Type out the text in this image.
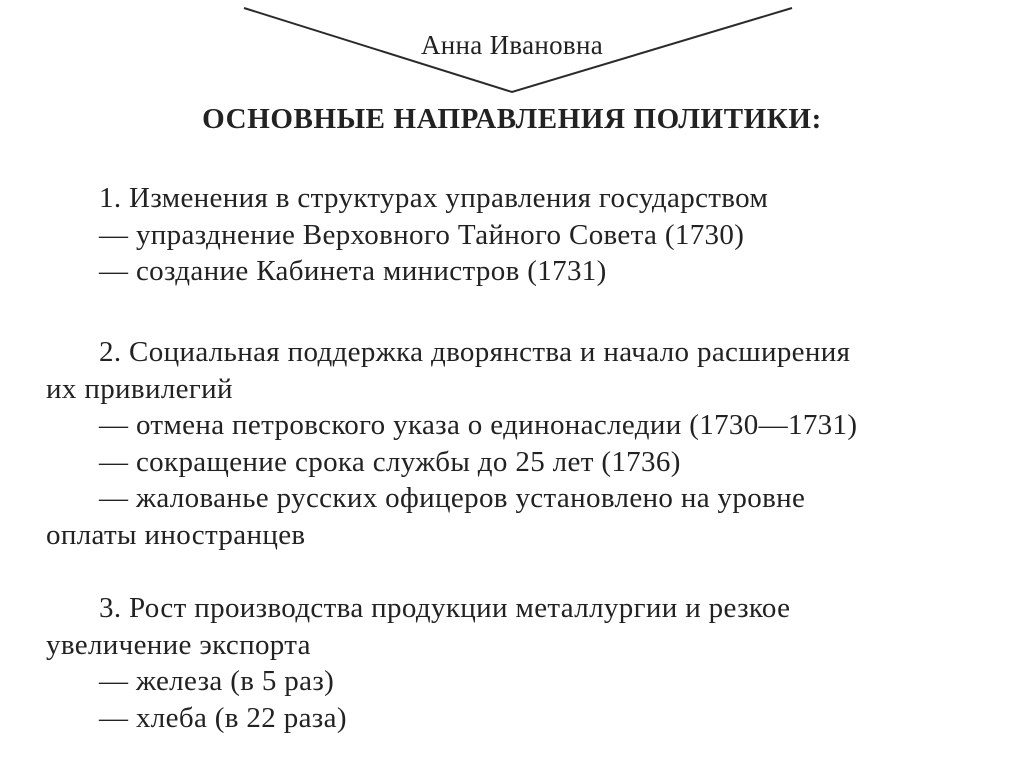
Анна Ивановна
ОСНОВНЫЕ НАПРАВЛЕНИЯ ПОЛИТИКИ:
1. Изменения в структурах управления государством
— упразднение Верховного Тайного Совета (1730)
— создание Кабинета министров (1731)
2. Социальная поддержка дворянства и начало расширения
их привилегий
— отмена петровского указа о единонаследии (1730—1731)
— сокращение срока службы до 25 лет (1736)
— жалованье русских офицеров установлено на уровне
оплаты иностранцев
3. Рост производства продукции металлургии и резкое
увеличение экспорта
— железа (в 5 раз)
— хлеба (в 22 раза)
